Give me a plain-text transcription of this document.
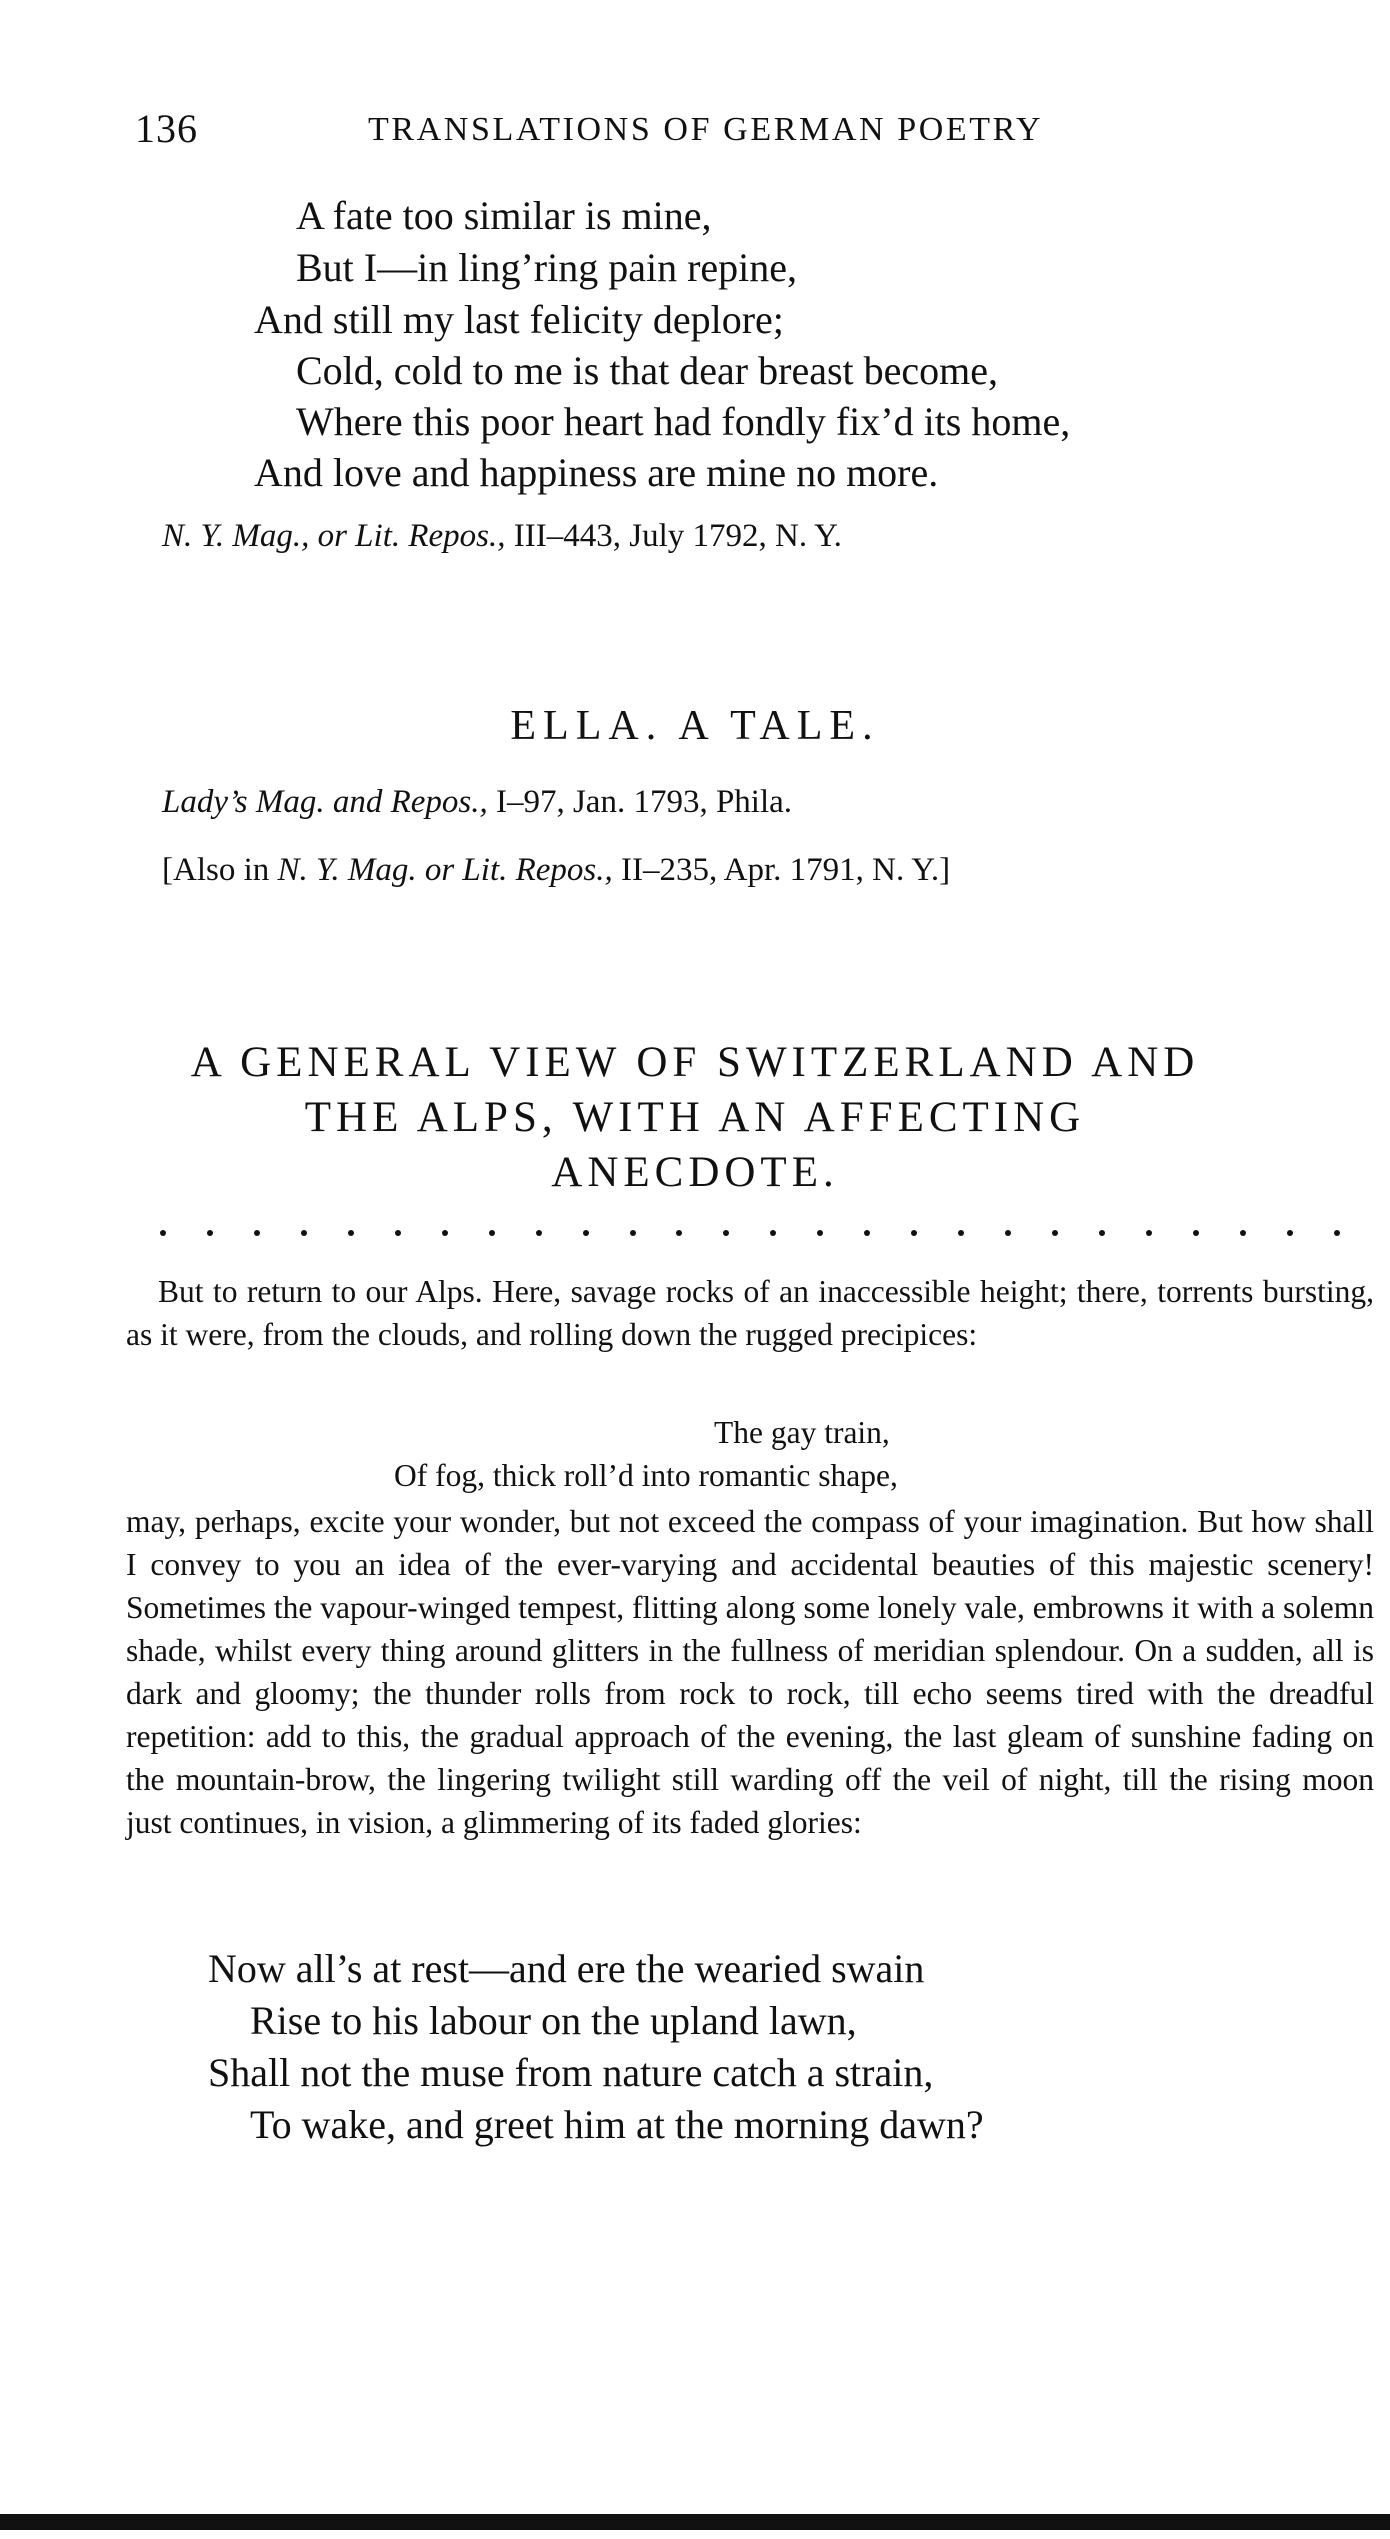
136	TRANSLATIONS OF GERMAN POETRY
A fate too similar is mine,
But I—in ling’ring pain repine,
And still my last felicity deplore;
Cold, cold to me is that dear breast become,
Where this poor heart had fondly fix’d its home,
And love and happiness are mine no more.
N. Y. Mag., or Lit. Repos., III–443, July 1792, N. Y.
ELLA. A TALE.
Lady’s Mag. and Repos., I–97, Jan. 1793, Phila.
[Also in N. Y. Mag. or Lit. Repos., II–235, Apr. 1791, N. Y.]
A GENERAL VIEW OF SWITZERLAND AND
THE ALPS, WITH AN AFFECTING
ANECDOTE.

But to return to our Alps. Here, savage rocks of an inaccessible height; there, torrents bursting, as it were, from the clouds, and rolling down the rugged precipices:

The gay train,
Of fog, thick roll’d into romantic shape,

may, perhaps, excite your wonder, but not exceed the compass of your imagination. But how shall I convey to you an idea of the ever-varying and accidental beauties of this majestic scenery! Sometimes the vapour-winged tempest, flitting along some lonely vale, embrowns it with a solemn shade, whilst every thing around glitters in the fullness of meridian splendour. On a sudden, all is dark and gloomy; the thunder rolls from rock to rock, till echo seems tired with the dreadful repetition: add to this, the gradual approach of the evening, the last gleam of sunshine fading on the mountain-brow, the lingering twilight still warding off the veil of night, till the rising moon just continues, in vision, a glimmering of its faded glories:

Now all’s at rest—and ere the wearied swain
Rise to his labour on the upland lawn,
Shall not the muse from nature catch a strain,
To wake, and greet him at the morning dawn?
